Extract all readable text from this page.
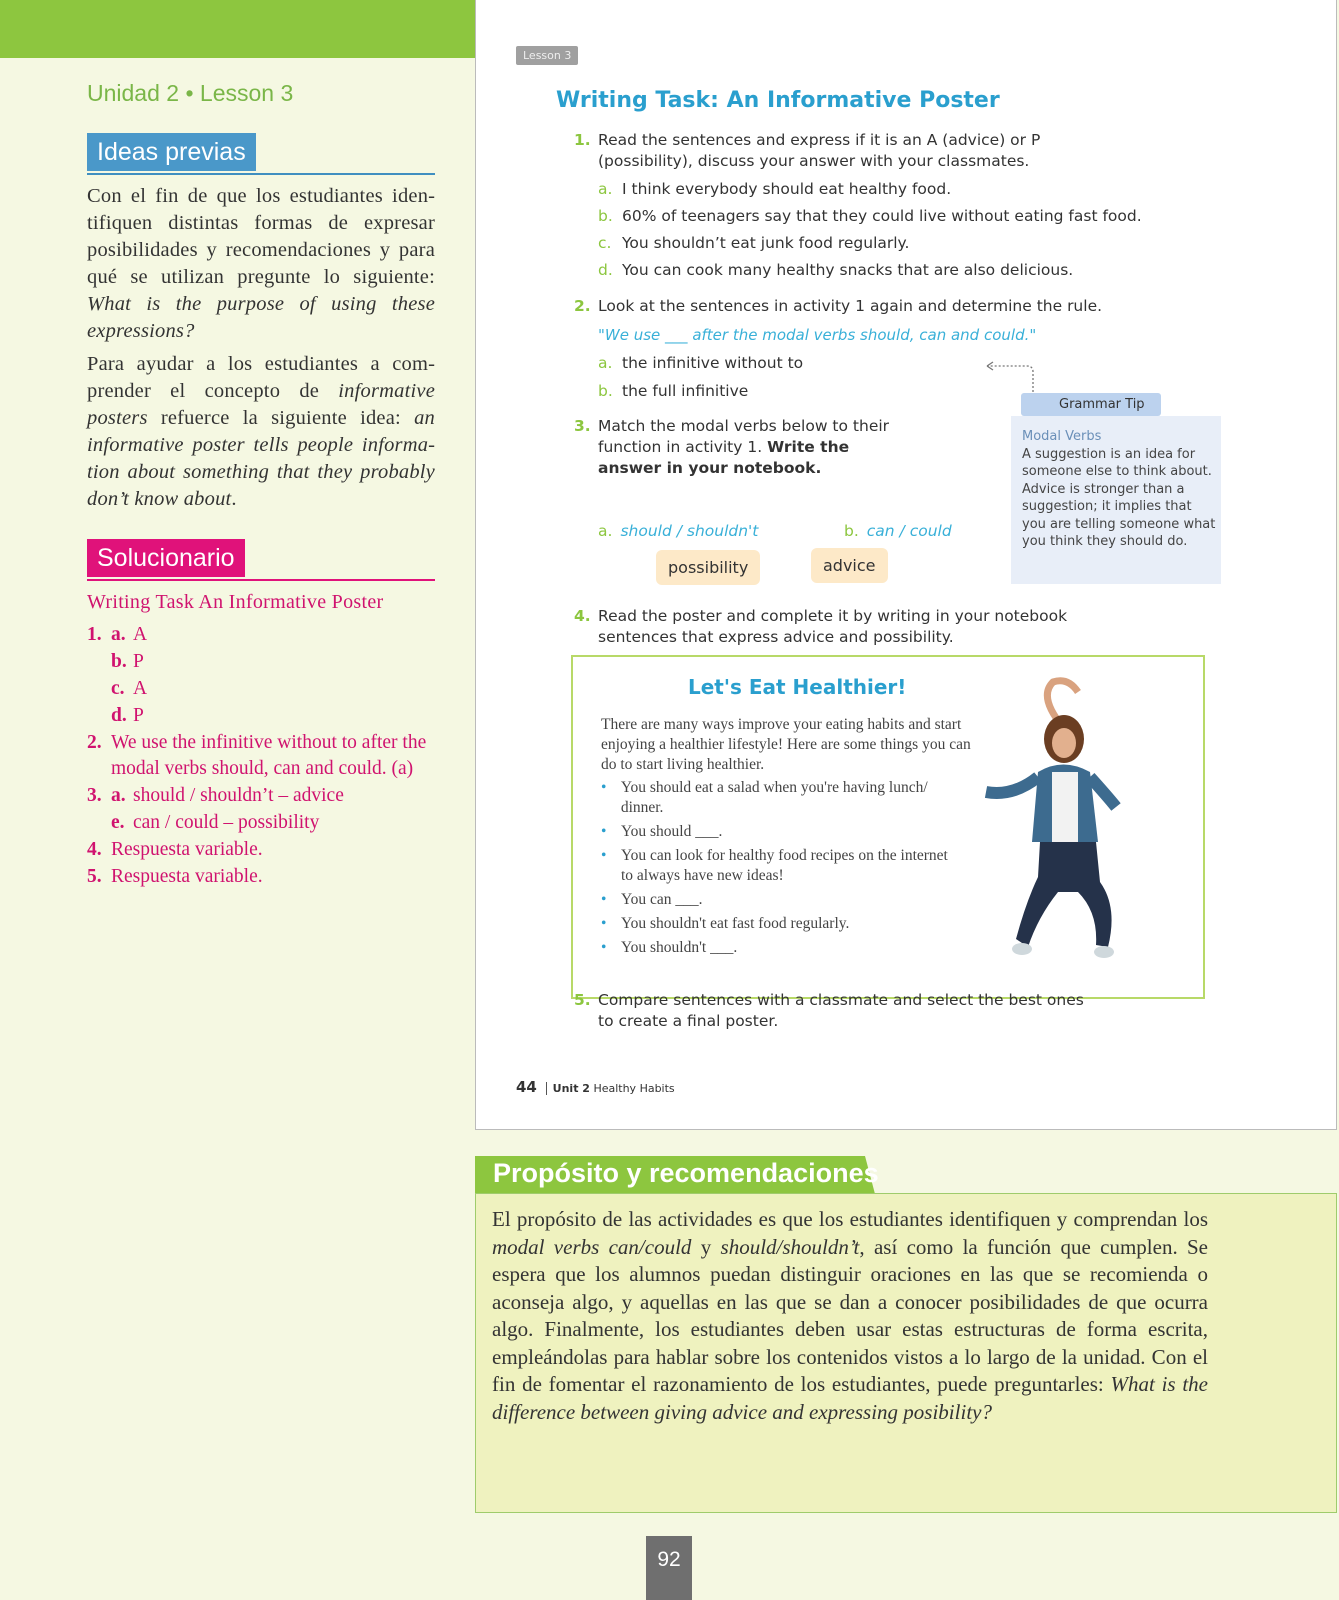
Unidad 2 • Lesson 3
Ideas previas

Con el fin de que los estudiantes identifiquen distintas formas de expresar posibilidades y recomendaciones y para qué se utilizan pregunte lo siguiente: What is the purpose of using these expressions?

Para ayudar a los estudiantes a comprender el concepto de informative posters refuerce la siguiente idea: an informative poster tells people information about something that they probably don’t know about.

Solucionario
Writing Task An Informative Poster
1. a. A
b. P
c. A
d. P
2. We use the infinitive without to after the modal verbs should, can and could. (a)
3. a. should / shouldn’t – advice
e. can / could – possibility
4. Respuesta variable.
5. Respuesta variable.
Lesson 3
Writing Task: An Informative Poster
1. Read the sentences and express if it is an A (advice) or P (possibility), discuss your answer with your classmates.
a. I think everybody should eat healthy food.
b. 60% of teenagers say that they could live without eating fast food.
c. You shouldn’t eat junk food regularly.
d. You can cook many healthy snacks that are also delicious.
2. Look at the sentences in activity 1 again and determine the rule.
"We use ___ after the modal verbs should, can and could."
a. the infinitive without to
b. the full infinitive
3. Match the modal verbs below to their function in activity 1. Write the answer in your notebook.
a. should / shouldn't	b. can / could
possibility	advice
Grammar Tip
Modal Verbs
A suggestion is an idea for someone else to think about. Advice is stronger than a suggestion; it implies that you are telling someone what you think they should do.
4. Read the poster and complete it by writing in your notebook sentences that express advice and possibility.
Let's Eat Healthier!
There are many ways improve your eating habits and start enjoying a healthier lifestyle! Here are some things you can do to start living healthier.
• You should eat a salad when you're having lunch/ dinner.
• You should ___.
• You can look for healthy food recipes on the internet to always have new ideas!
• You can ___.
• You shouldn't eat fast food regularly.
• You shouldn't ___.
5. Compare sentences with a classmate and select the best ones to create a final poster.
44 Unit 2 Healthy Habits
Propósito y recomendaciones
El propósito de las actividades es que los estudiantes identifiquen y comprendan los modal verbs can/could y should/shouldn’t, así como la función que cumplen. Se espera que los alumnos puedan distinguir oraciones en las que se recomienda o aconseja algo, y aquellas en las que se dan a conocer posibilidades de que ocurra algo. Finalmente, los estudiantes deben usar estas estructuras de forma escrita, empleándolas para hablar sobre los contenidos vistos a lo largo de la unidad. Con el fin de fomentar el razonamiento de los estudiantes, puede preguntarles: What is the difference between giving advice and expressing posibility?
92
